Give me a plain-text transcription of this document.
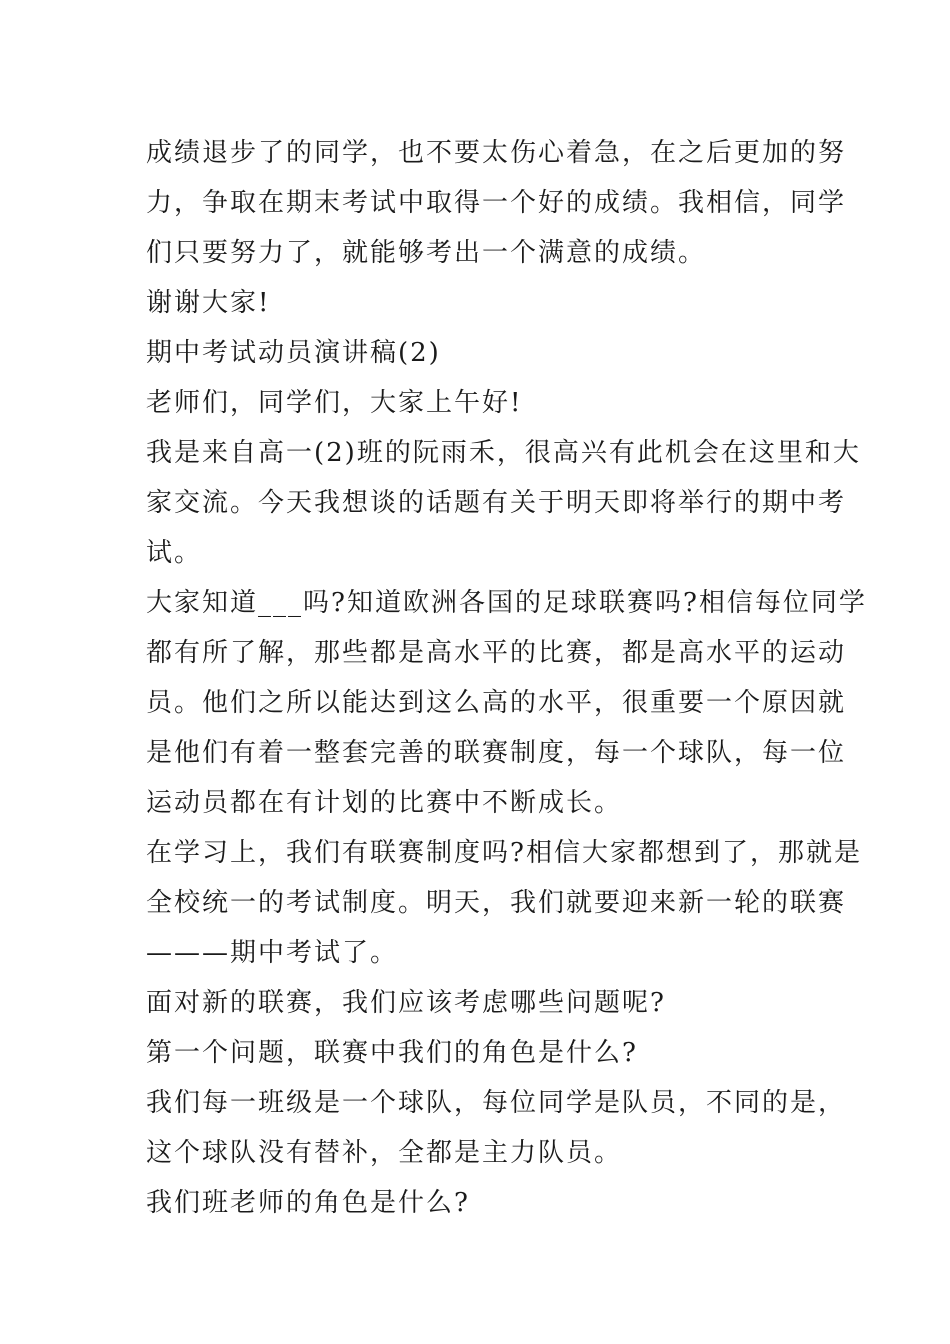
成绩退步了的同学，也不要太伤心着急，在之后更加的努
力，争取在期末考试中取得一个好的成绩。我相信，同学
们只要努力了，就能够考出一个满意的成绩。
谢谢大家!
期中考试动员演讲稿(2)
老师们，同学们，大家上午好!
我是来自高一(2)班的阮雨禾，很高兴有此机会在这里和大
家交流。今天我想谈的话题有关于明天即将举行的期中考
试。
大家知道___吗?知道欧洲各国的足球联赛吗?相信每位同学
都有所了解，那些都是高水平的比赛，都是高水平的运动
员。他们之所以能达到这么高的水平，很重要一个原因就
是他们有着一整套完善的联赛制度，每一个球队，每一位
运动员都在有计划的比赛中不断成长。
在学习上，我们有联赛制度吗?相信大家都想到了，那就是
全校统一的考试制度。明天，我们就要迎来新一轮的联赛
———期中考试了。
面对新的联赛，我们应该考虑哪些问题呢?
第一个问题，联赛中我们的角色是什么?
我们每一班级是一个球队，每位同学是队员，不同的是，
这个球队没有替补，全都是主力队员。
我们班老师的角色是什么?
